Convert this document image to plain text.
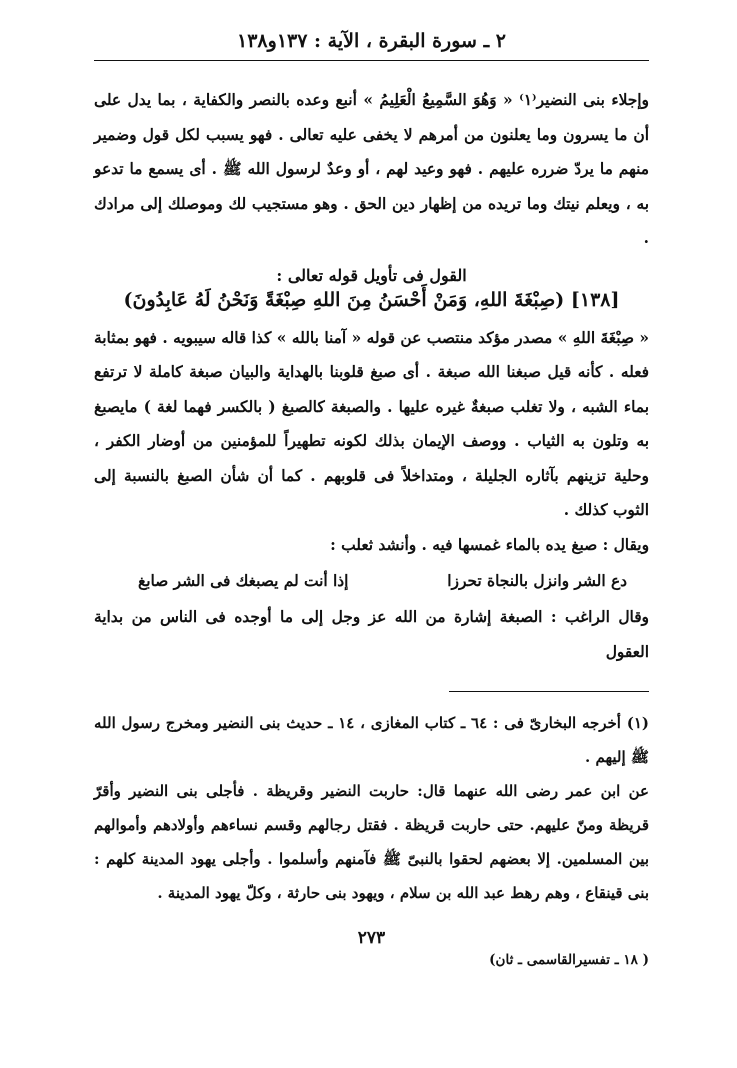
٢ ـ سورة البقرة ، الآية : ١٣٧و١٣٨

وإجلاء بنى النضير⁽١⁾ « وَهُوَ السَّمِيعُ الْعَلِيمُ » أنبع وعده بالنصر والكفاية ، بما يدل على أن ما يسرون وما يعلنون من أمرهم لا يخفى عليه تعالى . فهو يسبب لكل قول وضمير منهم ما يردّ ضرره عليهم . فهو وعيد لهم ، أو وعدٌ لرسول الله ﷺ . أى يسمع ما تدعو به ، ويعلم نيتك وما تريده من إظهار دين الحق . وهو مستجيب لك وموصلك إلى مرادك .

القول فى تأويل قوله تعالى :
[١٣٨] (صِبْغَةَ اللهِ، وَمَنْ أَحْسَنُ مِنَ اللهِ صِبْغَةً وَنَحْنُ لَهُ عَابِدُونَ)

« صِبْغَةَ اللهِ » مصدر مؤكد منتصب عن قوله « آمنا بالله » كذا قاله سيبويه . فهو بمثابة فعله . كأنه قيل صبغنا الله صبغة . أى صبغ قلوبنا بالهداية والبيان صبغة كاملة لا ترتفع بماء الشبه ، ولا تغلب صبغةٌ غيره عليها . والصبغة كالصبغ ( بالكسر فهما لغة ) مايصبغ به وتلون به الثياب . ووصف الإيمان بذلك لكونه تطهيراً للمؤمنين من أوضار الكفر ، وحلية تزينهم بآثاره الجليلة ، ومتداخلاً فى قلوبهم . كما أن شأن الصبغ بالنسبة إلى الثوب كذلك .

ويقال : صبغ يده بالماء غمسها فيه . وأنشد ثعلب :

دع الشر وانزل بالنجاة تحرزا
إذا أنت لم يصبغك فى الشر صابغ

وقال الراغب : الصبغة إشارة من الله عز وجل إلى ما أوجده فى الناس من بداية العقول

(١) أخرجه البخارىّ فى : ٦٤ ـ كتاب المغازى ، ١٤ ـ حديث بنى النضير ومخرج رسول الله ﷺ إليهم .

عن ابن عمر رضى الله عنهما قال: حاربت النضير وقريظة . فأجلى بنى النضير وأقرّ قريظة ومنّ عليهم. حتى حاربت قريظة . فقتل رجالهم وقسم نساءهم وأولادهم وأموالهم بين المسلمين. إلا بعضهم لحقوا بالنبىّ ﷺ فآمنهم وأسلموا . وأجلى يهود المدينة كلهم : بنى قينقاع ، وهم رهط عبد الله بن سلام ، ويهود بنى حارثة ، وكلّ يهود المدينة .

٢٧٣
( ١٨ ـ تفسيرالقاسمى ـ ثان)
